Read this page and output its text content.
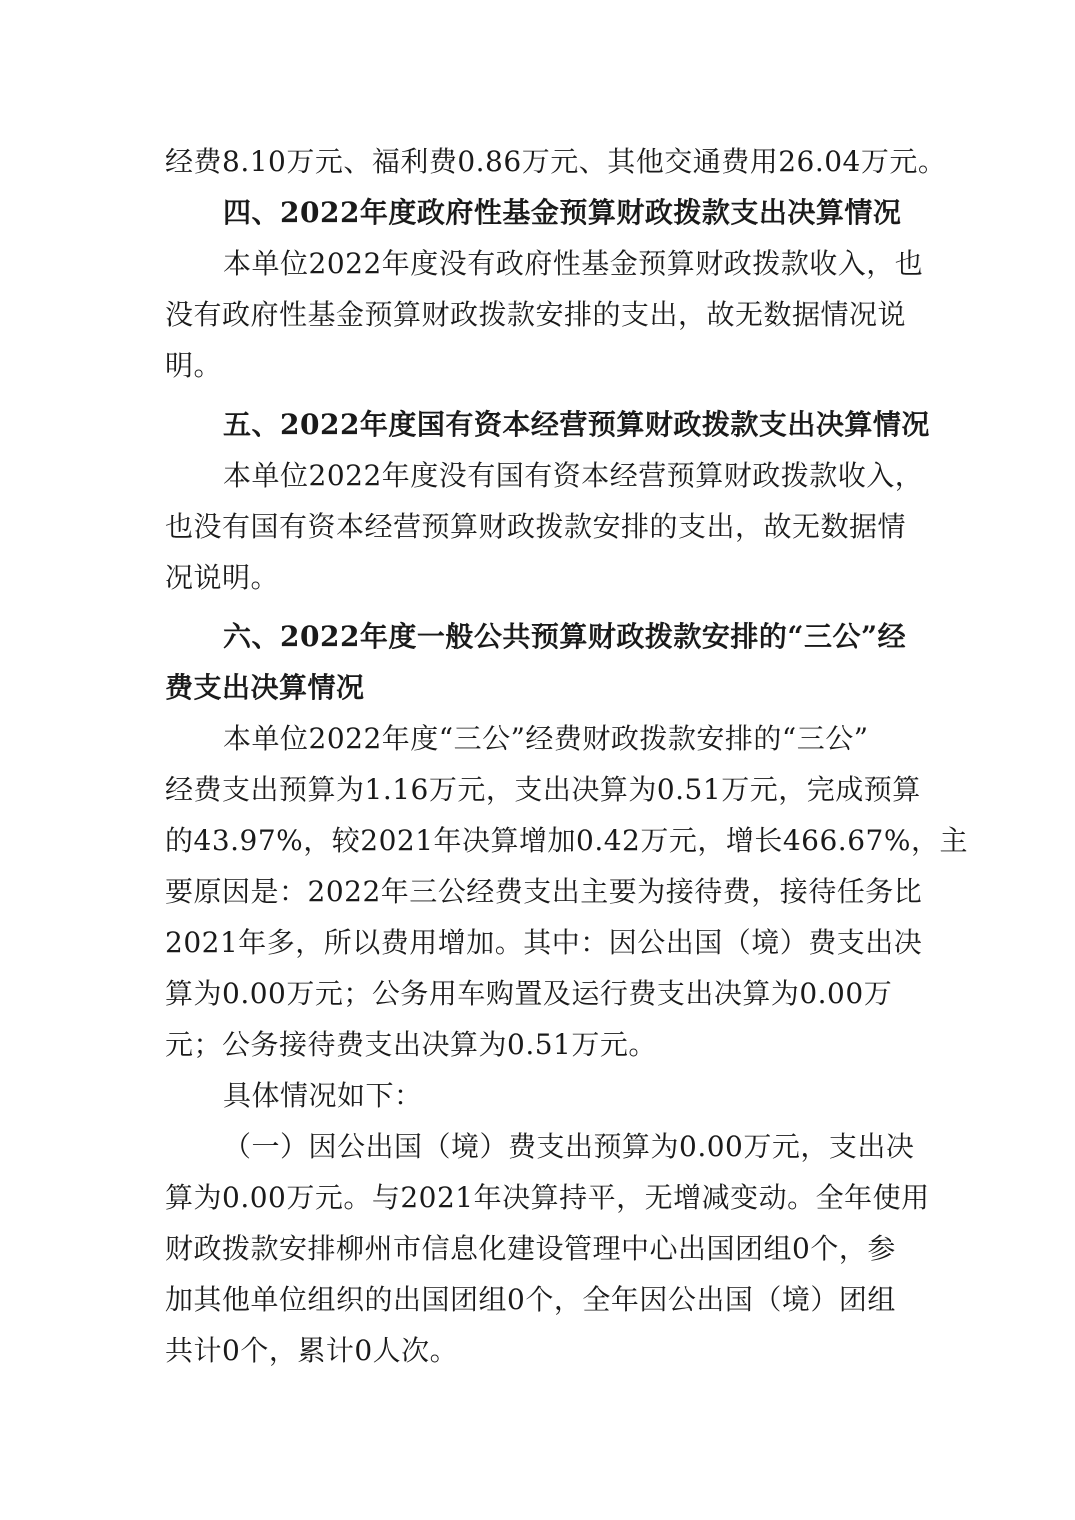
经费8.10万元、福利费0.86万元、其他交通费用26.04万元。
四、2022年度政府性基金预算财政拨款支出决算情况
本单位2022年度没有政府性基金预算财政拨款收入，也
没有政府性基金预算财政拨款安排的支出，故无数据情况说
明。
五、2022年度国有资本经营预算财政拨款支出决算情况
本单位2022年度没有国有资本经营预算财政拨款收入，
也没有国有资本经营预算财政拨款安排的支出，故无数据情
况说明。
六、2022年度一般公共预算财政拨款安排的“三公”经
费支出决算情况
本单位2022年度“三公”经费财政拨款安排的“三公”
经费支出预算为1.16万元，支出决算为0.51万元，完成预算
的43.97%，较2021年决算增加0.42万元，增长466.67%，主
要原因是：2022年三公经费支出主要为接待费，接待任务比
2021年多，所以费用增加。其中：因公出国（境）费支出决
算为0.00万元；公务用车购置及运行费支出决算为0.00万
元；公务接待费支出决算为0.51万元。
具体情况如下：
（一）因公出国（境）费支出预算为0.00万元，支出决
算为0.00万元。与2021年决算持平，无增减变动。全年使用
财政拨款安排柳州市信息化建设管理中心出国团组0个，参
加其他单位组织的出国团组0个，全年因公出国（境）团组
共计0个，累计0人次。
